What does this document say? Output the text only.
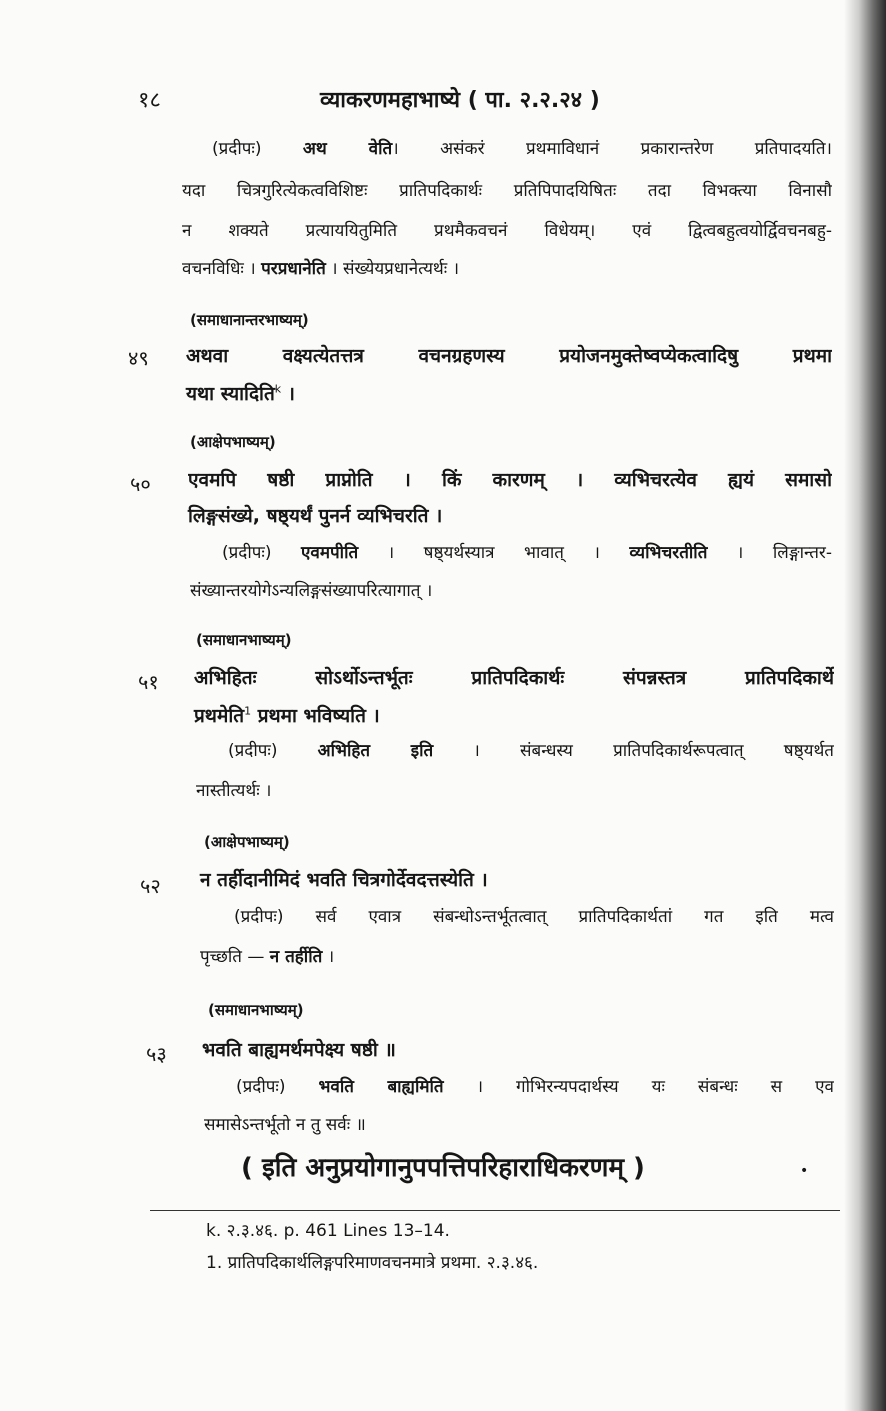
१८	व्याकरणमहाभाष्ये ( पा. २.२.२४ )
(प्रदीपः) अथ वेति। असंकरं प्रथमाविधानं प्रकारान्तरेण प्रतिपादयति।
यदा चित्रगुरित्येकत्वविशिष्टः प्रातिपदिकार्थः प्रतिपिपादयिषितः तदा विभक्त्या विनासौ
न शक्यते प्रत्याययितुमिति प्रथमैकवचनं विधेयम्। एवं द्वित्वबहुत्वयोर्द्विवचनबहु-
वचनविधिः । परप्रधानेति । संख्येयप्रधानेत्यर्थः ।
(समाधानान्तरभाष्यम्)
४९ अथवा वक्ष्यत्येतत्तत्र वचनग्रहणस्य प्रयोजनमुक्तेष्वप्येकत्वादिषु प्रथमा
यथा स्यादिति$^k$ ।
(आक्षेपभाष्यम्)
५० एवमपि षष्ठी प्राप्नोति । किं कारणम् । व्यभिचरत्येव ह्ययं समासो
लिङ्गसंख्ये, षष्ठ्यर्थं पुनर्न व्यभिचरति ।
(प्रदीपः) एवमपीति । षष्ठ्यर्थस्यात्र भावात् । व्यभिचरतीति । लिङ्गान्तर-
संख्यान्तरयोगेऽन्यलिङ्गसंख्यापरित्यागात् ।
(समाधानभाष्यम्)
५१ अभिहितः सोऽर्थोऽन्तर्भूतः प्रातिपदिकार्थः संपन्नस्तत्र प्रातिपदिकार्थे
प्रथमेति$^1$ प्रथमा भविष्यति ।
(प्रदीपः) अभिहित इति । संबन्धस्य प्रातिपदिकार्थरूपत्वात् षष्ठ्यर्थत
नास्तीत्यर्थः ।
(आक्षेपभाष्यम्)
५२ न तर्हीदानीमिदं भवति चित्रगोर्देवदत्तस्येति ।
(प्रदीपः) सर्व एवात्र संबन्धोऽन्तर्भूतत्वात् प्रातिपदिकार्थतां गत इति मत्व
पृच्छति — न तर्हीति ।
(समाधानभाष्यम्)
५३ भवति बाह्यमर्थमपेक्ष्य षष्ठी ॥
(प्रदीपः) भवति बाह्यमिति । गोभिरन्यपदार्थस्य यः संबन्धः स एव
समासेऽन्तर्भूतो न तु सर्वः ॥
( इति अनुप्रयोगानुपपत्तिपरिहाराधिकरणम् )	•
k. २.३.४६. p. 461 Lines 13–14.
1. प्रातिपदिकार्थलिङ्गपरिमाणवचनमात्रे प्रथमा. २.३.४६.
